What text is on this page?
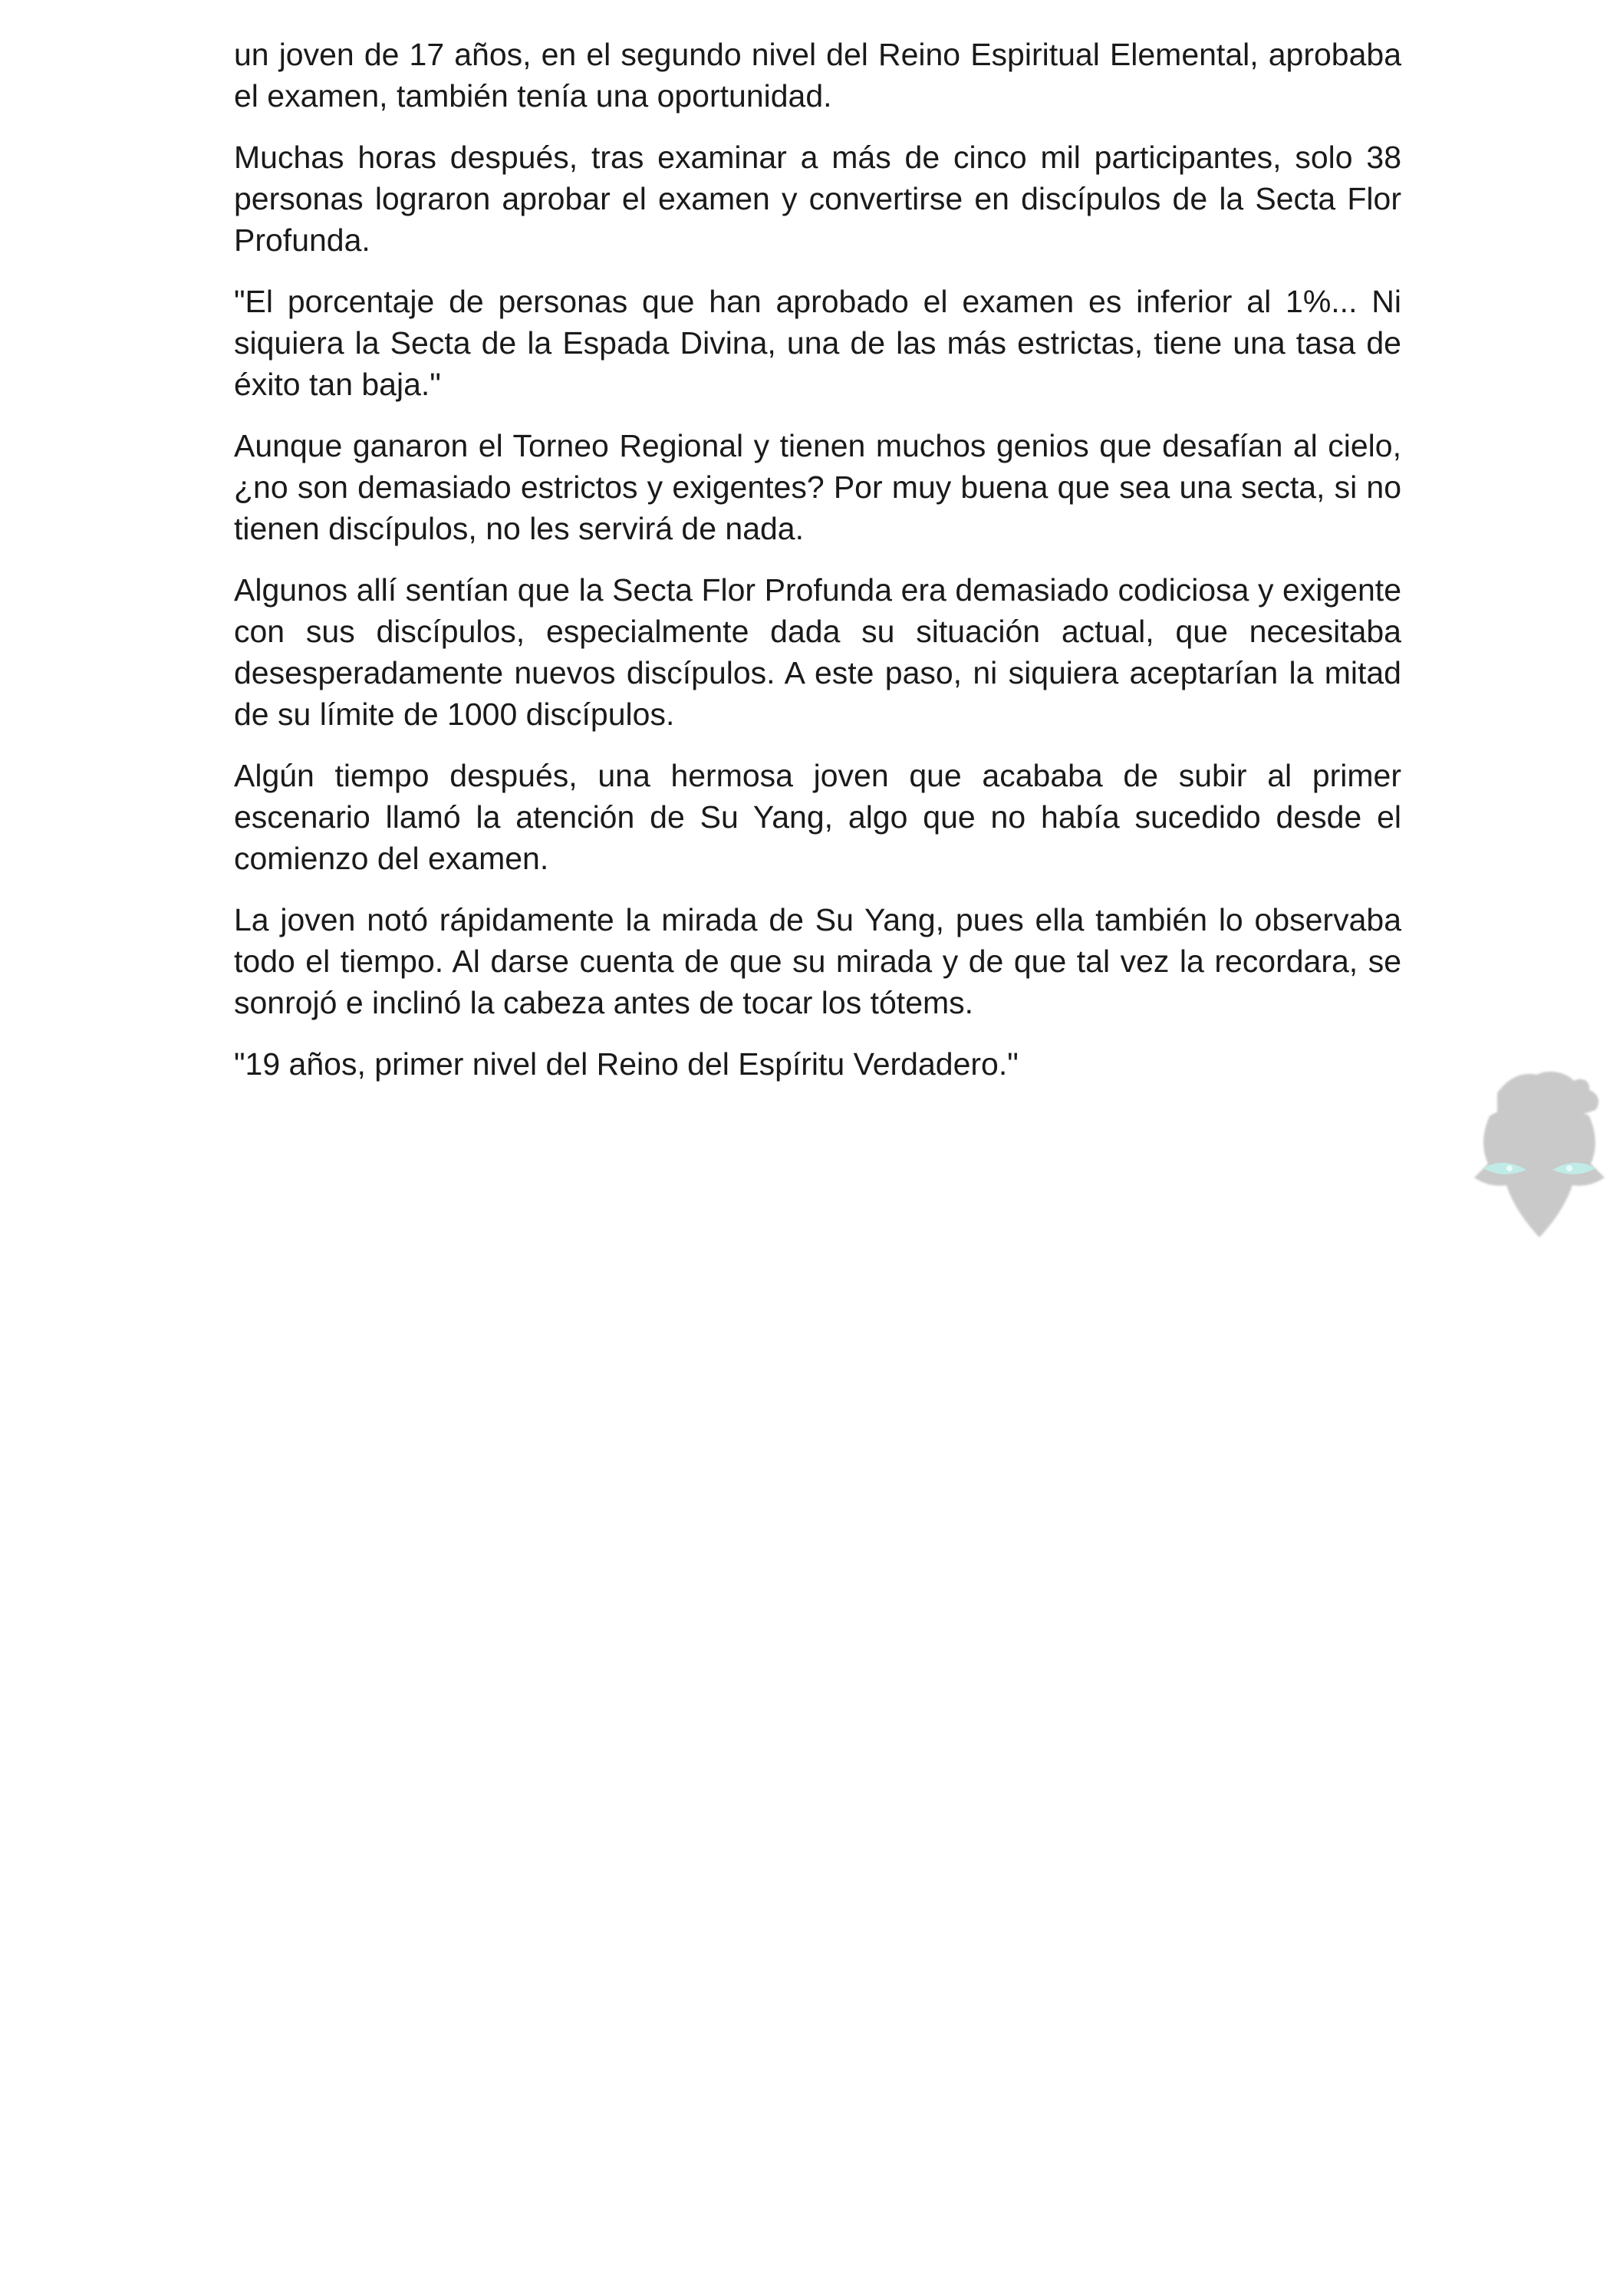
un joven de 17 años, en el segundo nivel del Reino Espiritual Elemental, aprobaba el examen, también tenía una oportunidad.

Muchas horas después, tras examinar a más de cinco mil participantes, solo 38 personas lograron aprobar el examen y convertirse en discípulos de la Secta Flor Profunda.

"El porcentaje de personas que han aprobado el examen es inferior al 1%... Ni siquiera la Secta de la Espada Divina, una de las más estrictas, tiene una tasa de éxito tan baja."

Aunque ganaron el Torneo Regional y tienen muchos genios que desafían al cielo, ¿no son demasiado estrictos y exigentes? Por muy buena que sea una secta, si no tienen discípulos, no les servirá de nada.

Algunos allí sentían que la Secta Flor Profunda era demasiado codiciosa y exigente con sus discípulos, especialmente dada su situación actual, que necesitaba desesperadamente nuevos discípulos. A este paso, ni siquiera aceptarían la mitad de su límite de 1000 discípulos.

Algún tiempo después, una hermosa joven que acababa de subir al primer escenario llamó la atención de Su Yang, algo que no había sucedido desde el comienzo del examen.

La joven notó rápidamente la mirada de Su Yang, pues ella también lo observaba todo el tiempo. Al darse cuenta de que su mirada y de que tal vez la recordara, se sonrojó e inclinó la cabeza antes de tocar los tótems.

"19 años, primer nivel del Reino del Espíritu Verdadero."
